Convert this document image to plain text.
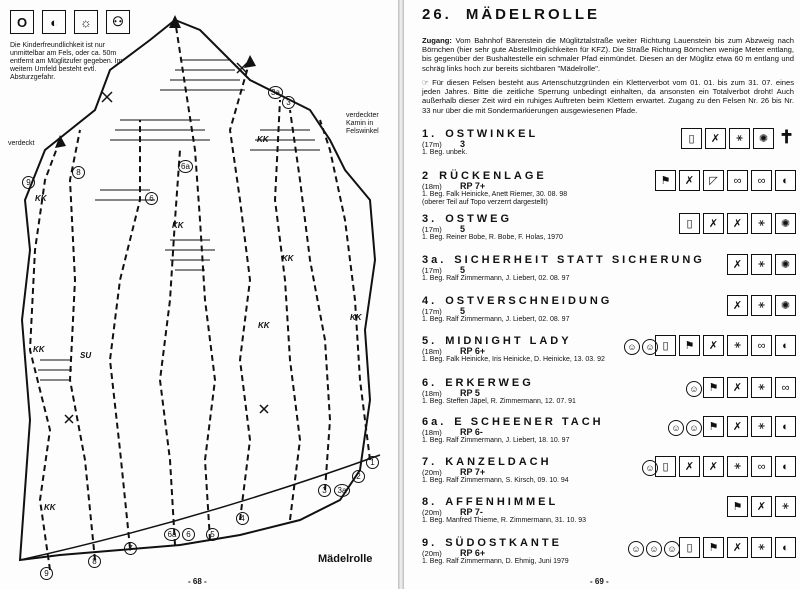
O	◐	☼	⚇
Die Kinderfreundlichkeit ist nur unmittelbar am Fels, oder ca. 50m entfernt am Müglitzufer gegeben. Im weitern Umfeld besteht evtl. Absturzgefahr.
verdeckt
verdeckter Kamin in Felswinkel
9
8
6
6a
3a
3
KK
KK
KK
KK
KK
SU
KK
KK
KK
9
8
7
6a	6	5
4
3	3a
2
1
Mädelrolle
- 68 -
26. MÄDELROLLE
Zugang: Vom Bahnhof Bärenstein die Müglitztalstraße weiter Richtung Lauenstein bis zum Abzweig nach Börnchen (hier sehr gute Abstellmöglichkeiten für KFZ). Die Straße Richtung Börnchen wenige Meter entlang, bis gegenüber der Bushaltestelle ein schmaler Pfad einmündet. Diesen an der Müglitz etwa 60 m entlang und schräg links hoch zur bereits sichtbaren "Mädelrolle".
☞ Für diesen Felsen besteht aus Artenschutzgründen ein Kletterverbot vom 01. 01. bis zum 31. 07. eines jeden Jahres. Bitte die zeitliche Sperrung unbedingt einhalten, da ansonsten ein Totalverbot droht! Auch außerhalb dieser Zeit wird ein ruhiges Auftreten beim Klettern erwartet. Zugang zu den Felsen Nr. 26 bis Nr. 33 nur über die mit Sondermarkierungen ausgewiesenen Pfade.
1. OSTWINKEL
(17m) 3
1. Beg. unbek.
▯	✗	⚹	✺ ✝
2 RÜCKENLAGE
(18m) RP 7+
1. Beg. Falk Heinicke, Anett Riemer, 30. 08. 98
(oberer Teil auf Topo verzerrt dargestellt)
⚑	✗	◸	∞	∞	◐
3. OSTWEG
(17m) 5
1. Beg. Reiner Bobe, R. Bobe, F. Holas, 1970
▯	✗	✗	⚹	✺
3a. SICHERHEIT STATT SICHERUNG
(17m) 5
1. Beg. Ralf Zimmermann, J. Liebert, 02. 08. 97
✗	⚹	✺
4. OSTVERSCHNEIDUNG
(17m) 5
1. Beg. Ralf Zimmermann, J. Liebert, 02. 08. 97
✗	⚹	✺
5. MIDNIGHT LADY
(18m) RP 6+
1. Beg. Falk Heinicke, Iris Heinicke, D. Heinicke, 13. 03. 92
▯	⚑	✗	⚹	∞	◐
☺ ☺
6. ERKERWEG
(18m) RP 5
1. Beg. Steffen Jäpel, R. Zimmermann, 12. 07. 91
⚑	✗	⚹	∞
☺
6a. E SCHEENER TACH
(18m) RP 6-
1. Beg. Ralf Zimmermann, J. Liebert, 18. 10. 97
⚑	✗	⚹	◐
☺ ☺
7. KANZELDACH
(20m) RP 7+
1. Beg. Ralf Zimmermann, S. Kirsch, 09. 10. 94
▯	✗	✗	⚹	∞	◐
☺
8. AFFENHIMMEL
(20m) RP 7-
1. Beg. Manfred Thieme, R. Zimmermann, 31. 10. 93
⚑	✗	⚹
9. SÜDOSTKANTE
(20m) RP 6+
1. Beg. Ralf Zimmermann, D. Ehmig, Juni 1979
▯	⚑	✗	⚹	◐
☺ ☺ ☺
- 69 -
